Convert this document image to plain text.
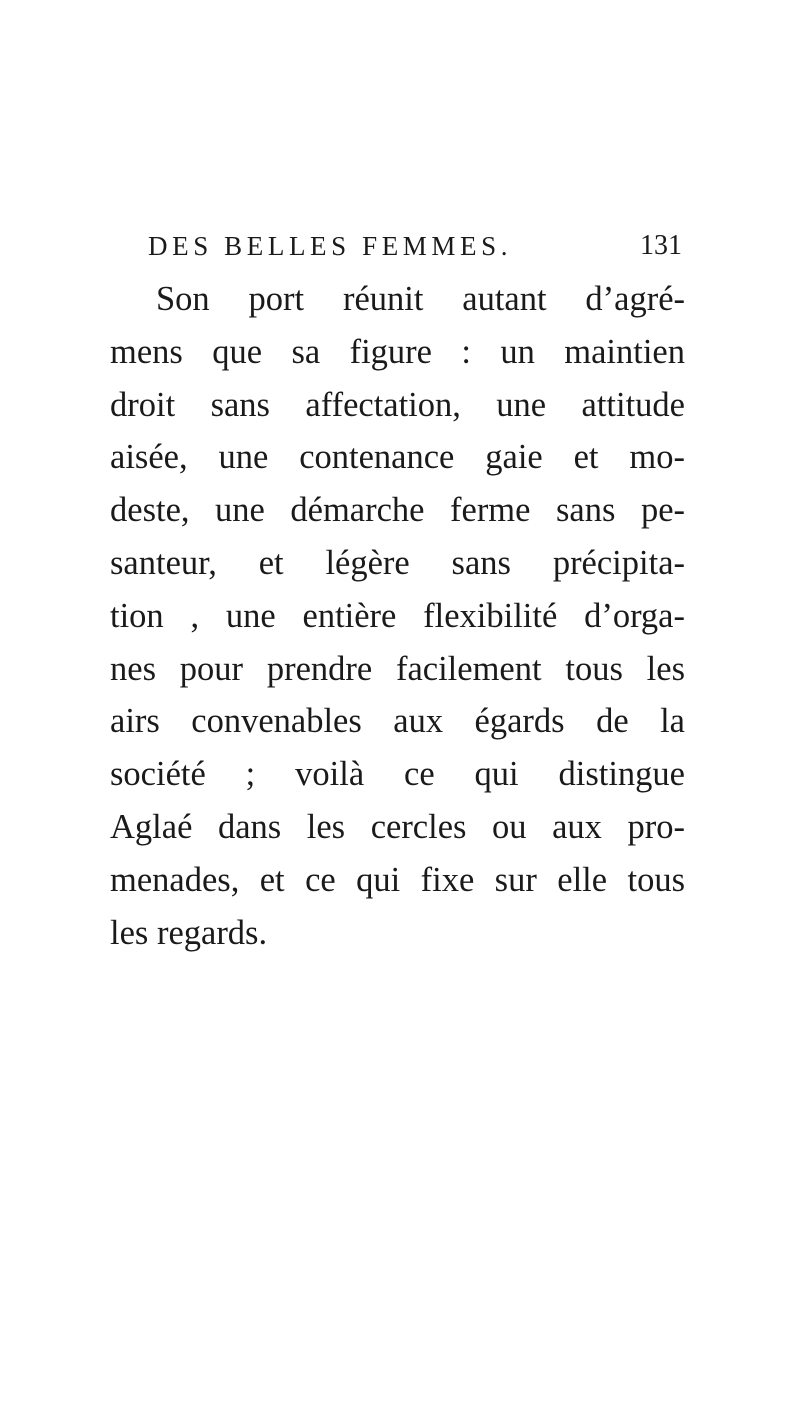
DES BELLES FEMMES.	131
Son port réunit autant d’agré-
mens que sa figure : un maintien
droit sans affectation, une attitude
aisée, une contenance gaie et mo-
deste, une démarche ferme sans pe-
santeur, et légère sans précipita-
tion , une entière flexibilité d’orga-
nes pour prendre facilement tous les
airs convenables aux égards de la
société ; voilà ce qui distingue
Aglaé dans les cercles ou aux pro-
menades, et ce qui fixe sur elle tous
les regards.
